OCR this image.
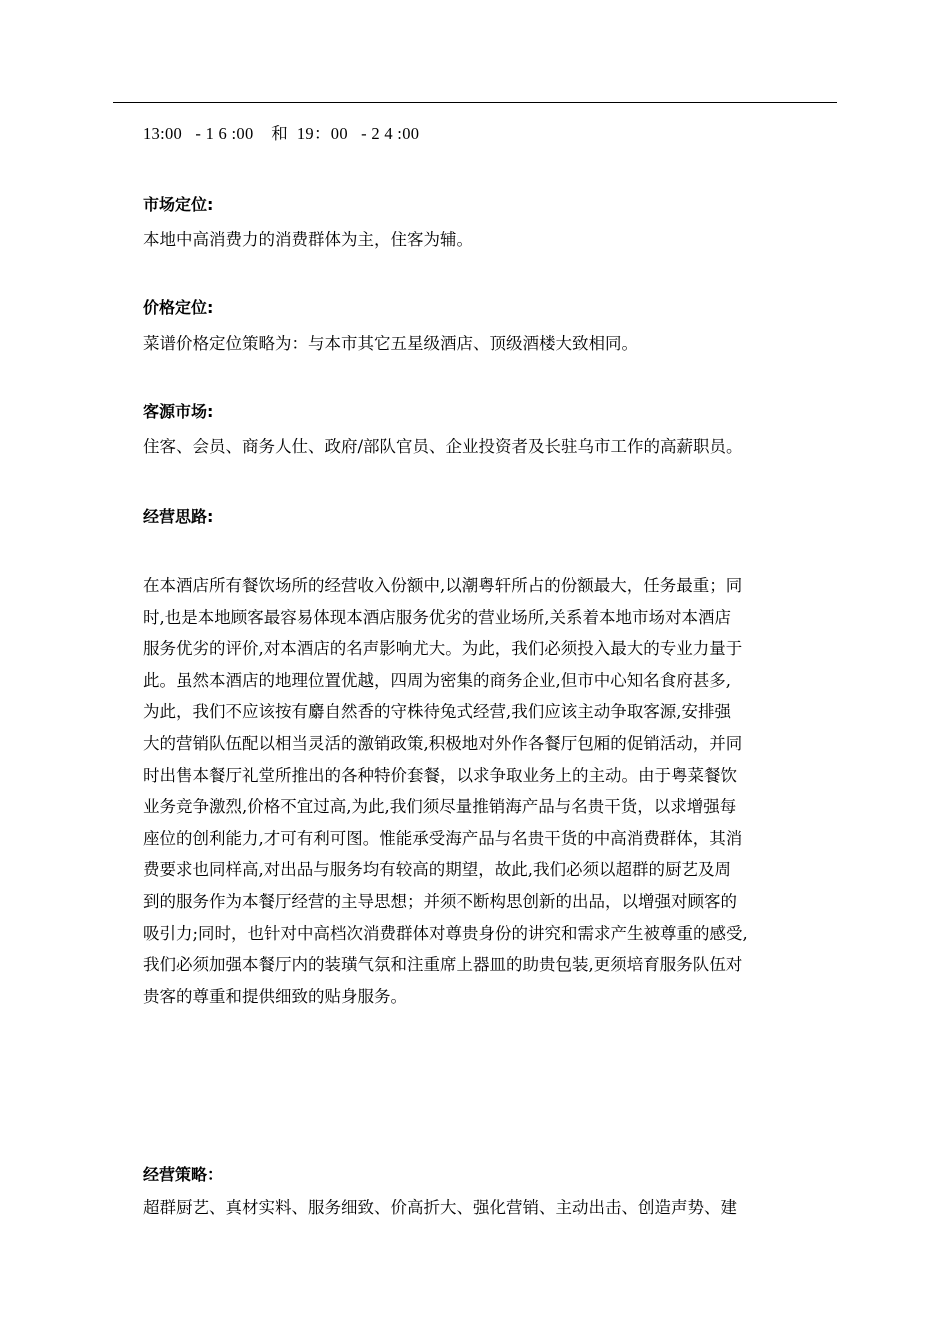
13:00   - 1 6 :00    和  19：00   - 2 4 :00
市场定位:
本地中高消费力的消费群体为主，住客为辅。
价格定位:
菜谱价格定位策略为：与本市其它五星级酒店、顶级酒楼大致相同。
客源市场:
住客、会员、商务人仕、政府/部队官员、企业投资者及长驻乌市工作的高薪职员。
经营思路:
在本酒店所有餐饮场所的经营收入份额中,以潮粤轩所占的份额最大，任务最重；同
时,也是本地顾客最容易体现本酒店服务优劣的营业场所,关系着本地市场对本酒店
服务优劣的评价,对本酒店的名声影响尤大。为此，我们必须投入最大的专业力量于
此。虽然本酒店的地理位置优越，四周为密集的商务企业,但市中心知名食府甚多,
为此，我们不应该按有麝自然香的守株待兔式经营,我们应该主动争取客源,安排强
大的营销队伍配以相当灵活的激销政策,积极地对外作各餐厅包厢的促销活动，并同
时出售本餐厅礼堂所推出的各种特价套餐，以求争取业务上的主动。由于粤菜餐饮
业务竞争激烈,价格不宜过高,为此,我们须尽量推销海产品与名贵干货，以求增强每
座位的创利能力,才可有利可图。惟能承受海产品与名贵干货的中高消费群体，其消
费要求也同样高,对出品与服务均有较高的期望，故此,我们必须以超群的厨艺及周
到的服务作为本餐厅经营的主导思想；并须不断构思创新的出品，以增强对顾客的
吸引力;同时，也针对中高档次消费群体对尊贵身份的讲究和需求产生被尊重的感受,
我们必须加强本餐厅内的装璜气氛和注重席上器皿的助贵包装,更须培育服务队伍对
贵客的尊重和提供细致的贴身服务。
经营策略：
超群厨艺、真材实料、服务细致、价高折大、强化营销、主动出击、创造声势、建
